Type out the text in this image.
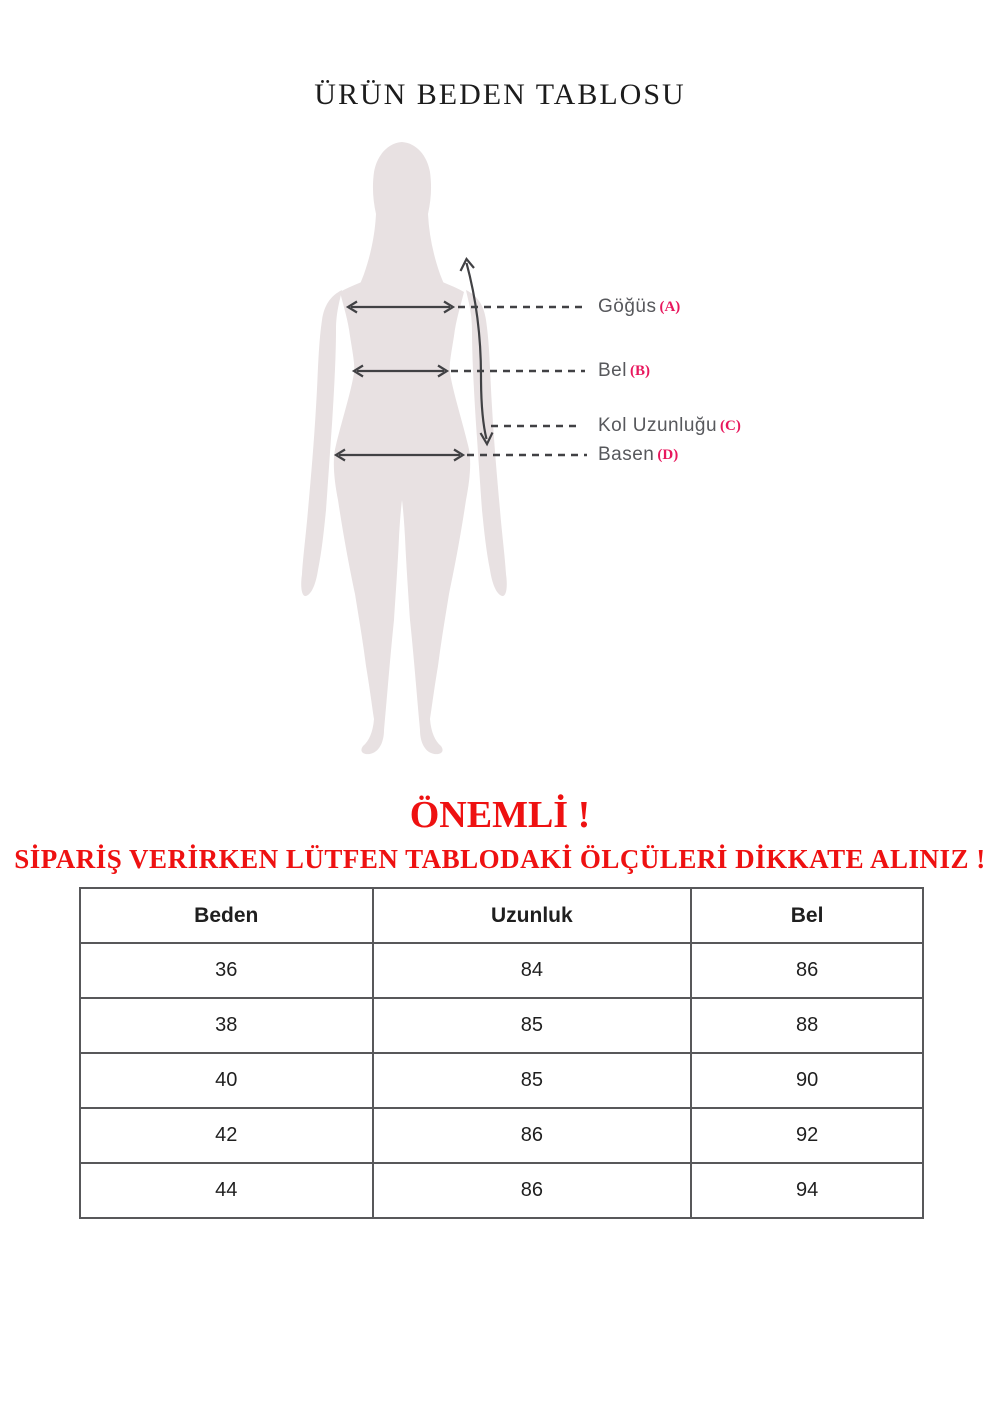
ÜRÜN BEDEN TABLOSU
Göğüs (A)
Bel (B)
Kol Uzunluğu (C)
Basen (D)
ÖNEMLİ !
SİPARİŞ VERİRKEN LÜTFEN TABLODAKİ ÖLÇÜLERİ DİKKATE ALINIZ !
Beden	Uzunluk	Bel
36	84	86
38	85	88
40	85	90
42	86	92
44	86	94
